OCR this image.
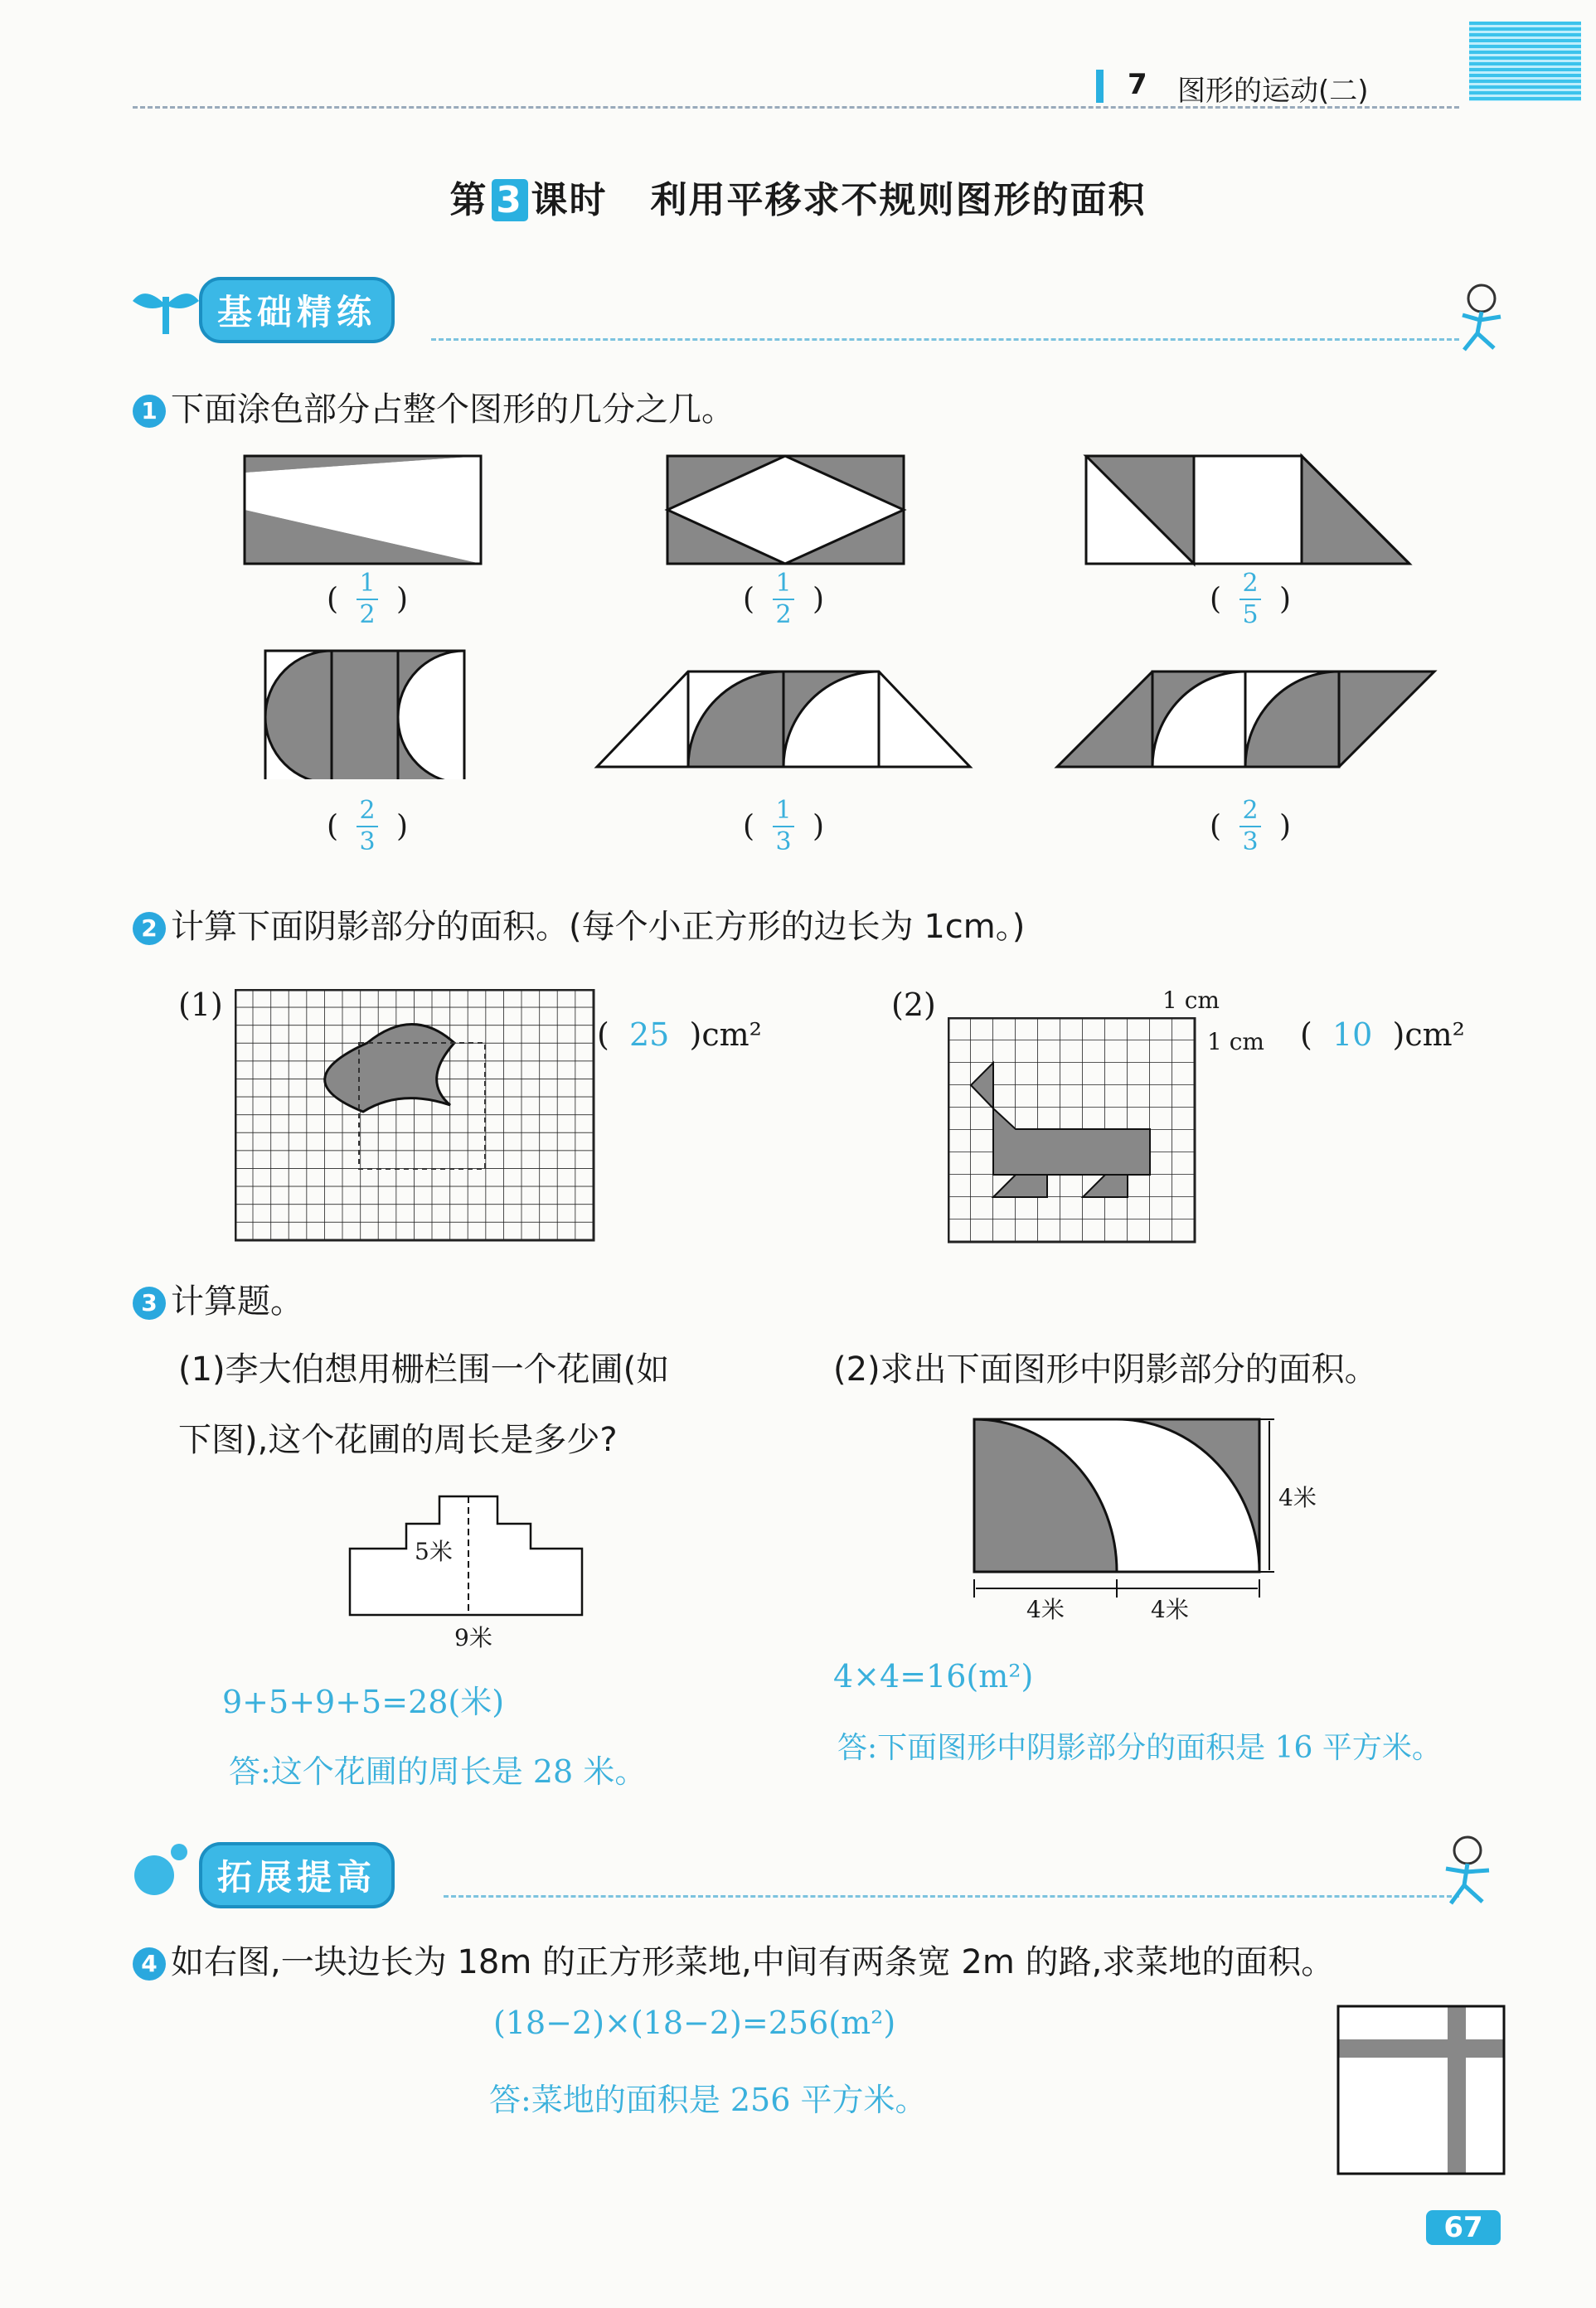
7 图形的运动(二)
第 3 课时 利用平移求不规则图形的面积
基础精练
1 下面涂色部分占整个图形的几分之几。
( $\frac{1}{2}$ )	( $\frac{1}{2}$ )	( $\frac{2}{5}$ )
( $\frac{2}{3}$ )	( $\frac{1}{3}$ )	( $\frac{2}{3}$ )
2 计算下面阴影部分的面积。(每个小正方形的边长为 1cm。)
(1)
( 25 )cm²
(2)	1 cm
1 cm ( 10 )cm²
3 计算题。
(1)李大伯想用栅栏围一个花圃(如
下图),这个花圃的周长是多少?
5米
9米
9+5+9+5=28(米)
答:这个花圃的周长是 28 米。
(2)求出下面图形中阴影部分的面积。
4米
4米	4米
4×4=16(m²)
答:下面图形中阴影部分的面积是 16 平方米。
拓展提高
4 如右图,一块边长为 18m 的正方形菜地,中间有两条宽 2m 的路,求菜地的面积。
(18−2)×(18−2)=256(m²)
答:菜地的面积是 256 平方米。
67
